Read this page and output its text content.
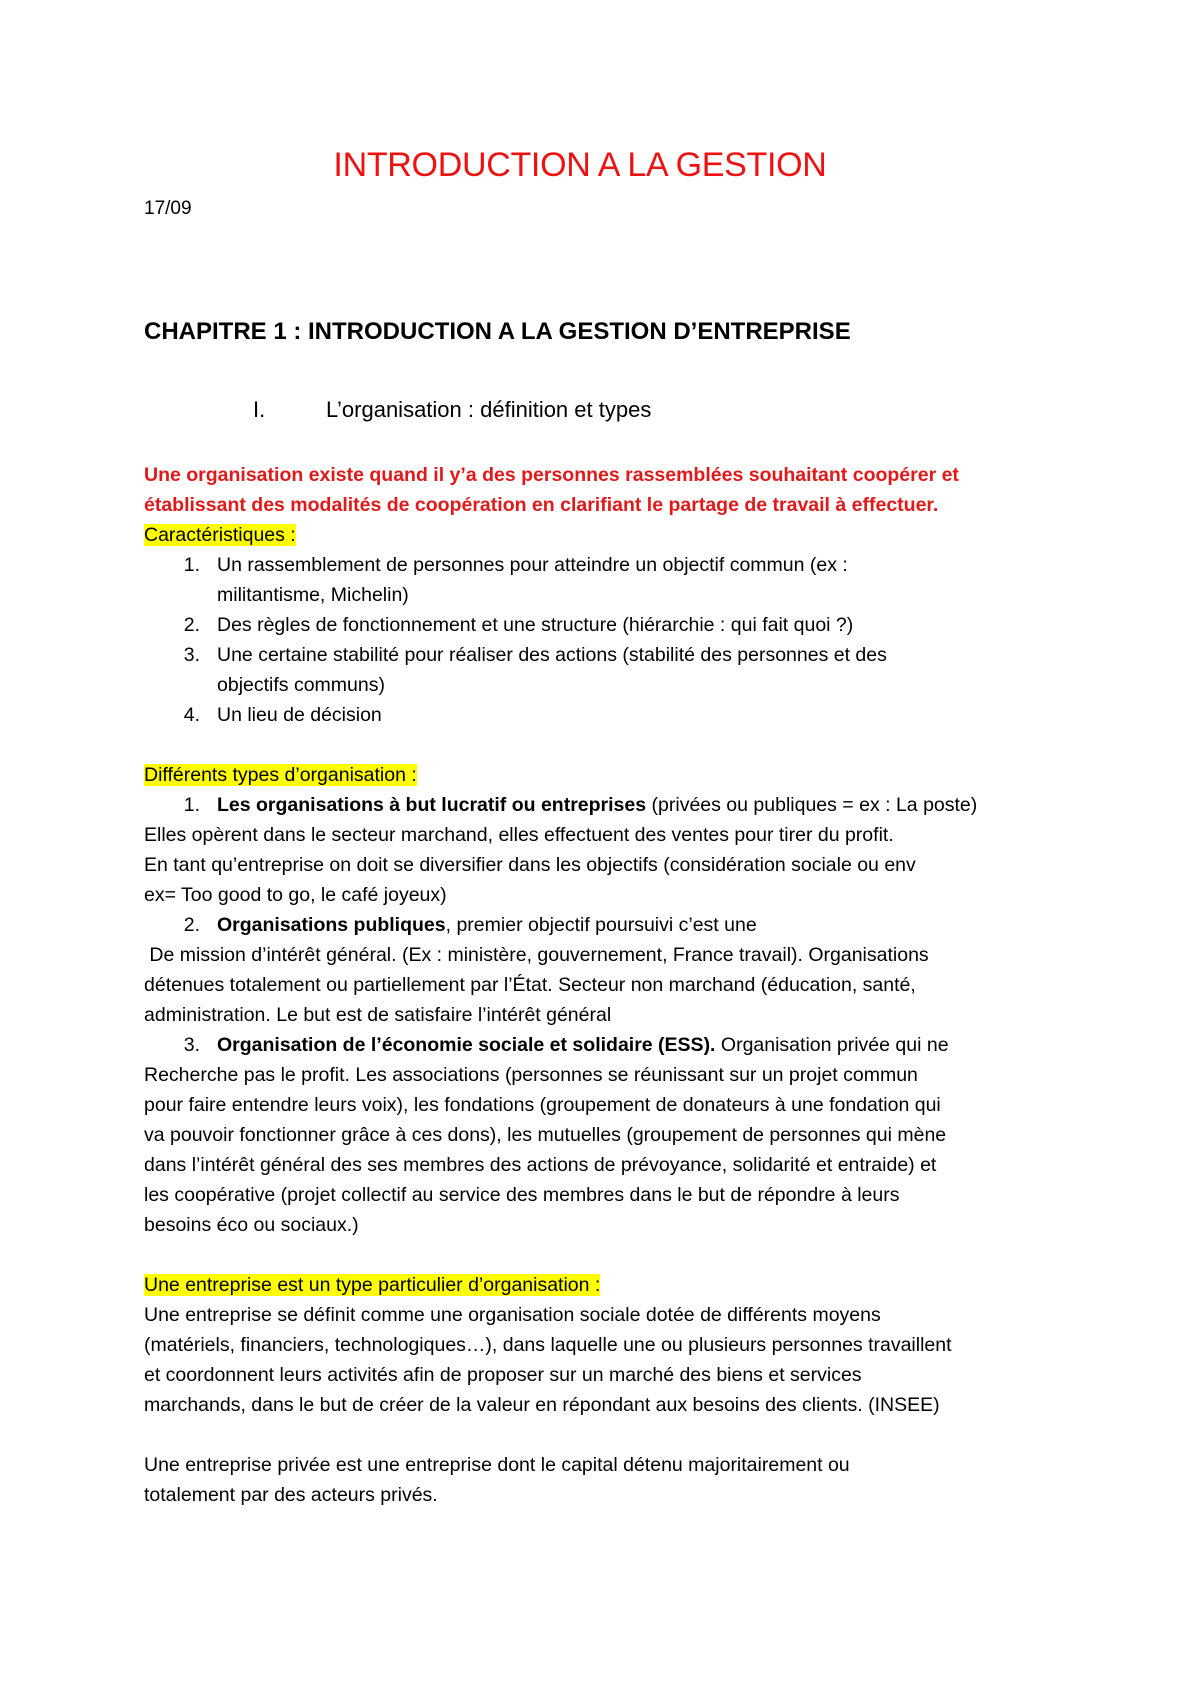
INTRODUCTION A LA GESTION
17/09
CHAPITRE 1 : INTRODUCTION A LA GESTION D’ENTREPRISE
I.	L’organisation : définition et types
Une organisation existe quand il y’a des personnes rassemblées souhaitant coopérer et
établissant des modalités de coopération en clarifiant le partage de travail à effectuer.
Caractéristiques :
1. Un rassemblement de personnes pour atteindre un objectif commun (ex :
militantisme, Michelin)
2. Des règles de fonctionnement et une structure (hiérarchie : qui fait quoi ?)
3. Une certaine stabilité pour réaliser des actions (stabilité des personnes et des
objectifs communs)
4. Un lieu de décision
Différents types d’organisation :
1. Les organisations à but lucratif ou entreprises (privées ou publiques = ex : La poste)
Elles opèrent dans le secteur marchand, elles effectuent des ventes pour tirer du profit.
En tant qu’entreprise on doit se diversifier dans les objectifs (considération sociale ou env
ex= Too good to go, le café joyeux)
2. Organisations publiques, premier objectif poursuivi c’est une
De mission d’intérêt général. (Ex : ministère, gouvernement, France travail). Organisations
détenues totalement ou partiellement par l’État. Secteur non marchand (éducation, santé,
administration. Le but est de satisfaire l’intérêt général
3. Organisation de l’économie sociale et solidaire (ESS). Organisation privée qui ne
Recherche pas le profit. Les associations (personnes se réunissant sur un projet commun
pour faire entendre leurs voix), les fondations (groupement de donateurs à une fondation qui
va pouvoir fonctionner grâce à ces dons), les mutuelles (groupement de personnes qui mène
dans l’intérêt général des ses membres des actions de prévoyance, solidarité et entraide) et
les coopérative (projet collectif au service des membres dans le but de répondre à leurs
besoins éco ou sociaux.)
Une entreprise est un type particulier d’organisation :
Une entreprise se définit comme une organisation sociale dotée de différents moyens
(matériels, financiers, technologiques…), dans laquelle une ou plusieurs personnes travaillent
et coordonnent leurs activités afin de proposer sur un marché des biens et services
marchands, dans le but de créer de la valeur en répondant aux besoins des clients. (INSEE)
Une entreprise privée est une entreprise dont le capital détenu majoritairement ou
totalement par des acteurs privés.
